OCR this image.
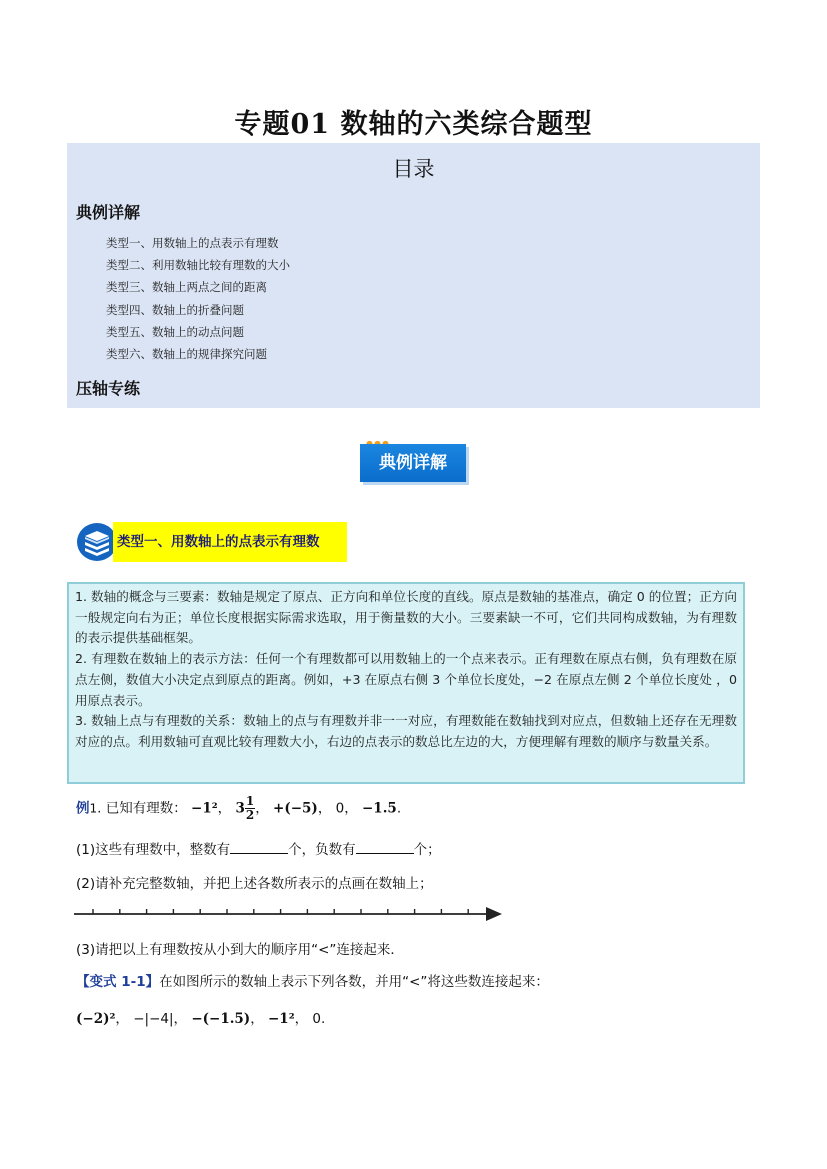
专题01 数轴的六类综合题型
目录
典例详解
类型一、用数轴上的点表示有理数
类型二、利用数轴比较有理数的大小
类型三、数轴上两点之间的距离
类型四、数轴上的折叠问题
类型五、数轴上的动点问题
类型六、数轴上的规律探究问题
压轴专练
典例详解
类型一、用数轴上的点表示有理数

1. 数轴的概念与三要素：数轴是规定了原点、正方向和单位长度的直线。原点是数轴的基准点，确定 0 的位置；正方向一般规定向右为正；单位长度根据实际需求选取，用于衡量数的大小。三要素缺一不可，它们共同构成数轴，为有理数的表示提供基础框架。

2. 有理数在数轴上的表示方法：任何一个有理数都可以用数轴上的一个点来表示。正有理数在原点右侧，负有理数在原点左侧，数值大小决定点到原点的距离。例如，+3 在原点右侧 3 个单位长度处，−2 在原点左侧 2 个单位长度处 ，0 用原点表示。

3. 数轴上点与有理数的关系：数轴上的点与有理数并非一一对应，有理数能在数轴找到对应点，但数轴上还存在无理数对应的点。利用数轴可直观比较有理数大小，右边的点表示的数总比左边的大，方便理解有理数的顺序与数量关系。

例1. 已知有理数： −1²， $3 \frac{1}{2}$ ， +(−5)， 0， −1.5.
(1)这些有理数中，整数有	个，负数有	个；
(2)请补充完整数轴，并把上述各数所表示的点画在数轴上；
(3)请把以上有理数按从小到大的顺序用“<”连接起来．
【变式 1-1】在如图所示的数轴上表示下列各数，并用“<”将这些数连接起来：
(−2)²， −|−4|， −(−1.5)， −1²， 0.
